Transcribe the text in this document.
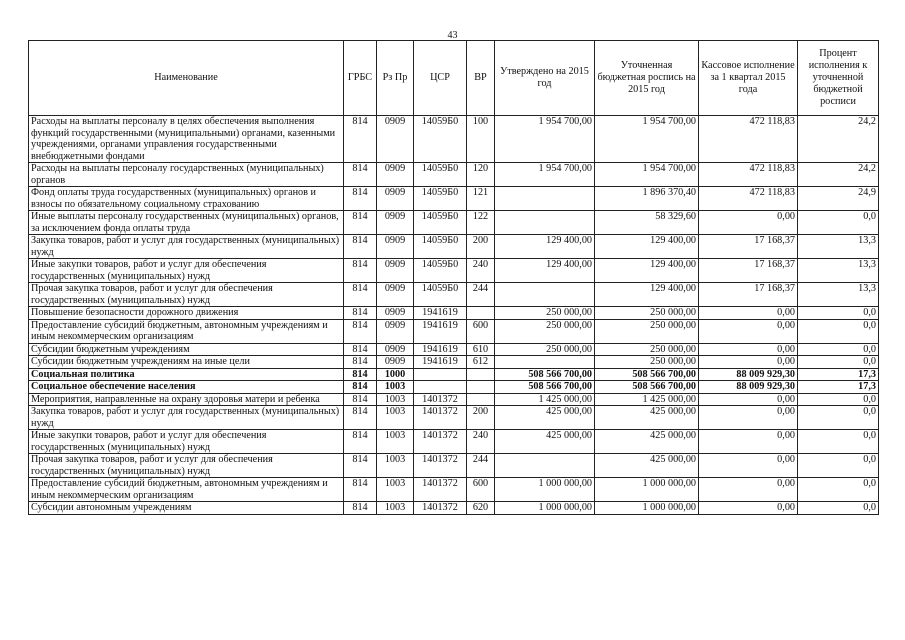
43
Наименование	ГРБС	Рз Пр	ЦСР	ВР	Утверждено на 2015 год	Уточненная бюджетная роспись на 2015 год	Кассовое исполнение за 1 квартал 2015 года	Процент исполнения к уточненной бюджетной росписи
Расходы на выплаты персоналу в целях обеспечения выполнения функций государственными (муниципальными) органами, казенными учреждениями, органами управления государственными внебюджетными фондами	814	0909	14059Б0	100	1 954 700,00	1 954 700,00	472 118,83	24,2
Расходы на выплаты персоналу государственных (муниципальных) органов	814	0909	14059Б0	120	1 954 700,00	1 954 700,00	472 118,83	24,2
Фонд оплаты труда государственных (муниципальных) органов и взносы по обязательному социальному страхованию	814	0909	14059Б0	121		1 896 370,40	472 118,83	24,9
Иные выплаты персоналу государственных (муниципальных) органов, за исключением фонда оплаты труда	814	0909	14059Б0	122		58 329,60	0,00	0,0
Закупка товаров, работ и услуг для государственных (муниципальных) нужд	814	0909	14059Б0	200	129 400,00	129 400,00	17 168,37	13,3
Иные закупки товаров, работ и услуг для обеспечения государственных (муниципальных) нужд	814	0909	14059Б0	240	129 400,00	129 400,00	17 168,37	13,3
Прочая закупка товаров, работ и услуг для обеспечения государственных (муниципальных) нужд	814	0909	14059Б0	244		129 400,00	17 168,37	13,3
Повышение безопасности дорожного движения	814	0909	1941619		250 000,00	250 000,00	0,00	0,0
Предоставление субсидий бюджетным, автономным учреждениям и иным некоммерческим организациям	814	0909	1941619	600	250 000,00	250 000,00	0,00	0,0
Субсидии бюджетным учреждениям	814	0909	1941619	610	250 000,00	250 000,00	0,00	0,0
Субсидии бюджетным учреждениям на иные цели	814	0909	1941619	612		250 000,00	0,00	0,0
Социальная политика	814	1000			508 566 700,00	508 566 700,00	88 009 929,30	17,3
Социальное обеспечение населения	814	1003			508 566 700,00	508 566 700,00	88 009 929,30	17,3
Мероприятия, направленные на охрану здоровья матери и ребенка	814	1003	1401372		1 425 000,00	1 425 000,00	0,00	0,0
Закупка товаров, работ и услуг для государственных (муниципальных) нужд	814	1003	1401372	200	425 000,00	425 000,00	0,00	0,0
Иные закупки товаров, работ и услуг для обеспечения государственных (муниципальных) нужд	814	1003	1401372	240	425 000,00	425 000,00	0,00	0,0
Прочая закупка товаров, работ и услуг для обеспечения государственных (муниципальных) нужд	814	1003	1401372	244		425 000,00	0,00	0,0
Предоставление субсидий бюджетным, автономным учреждениям и иным некоммерческим организациям	814	1003	1401372	600	1 000 000,00	1 000 000,00	0,00	0,0
Субсидии автономным учреждениям	814	1003	1401372	620	1 000 000,00	1 000 000,00	0,00	0,0
